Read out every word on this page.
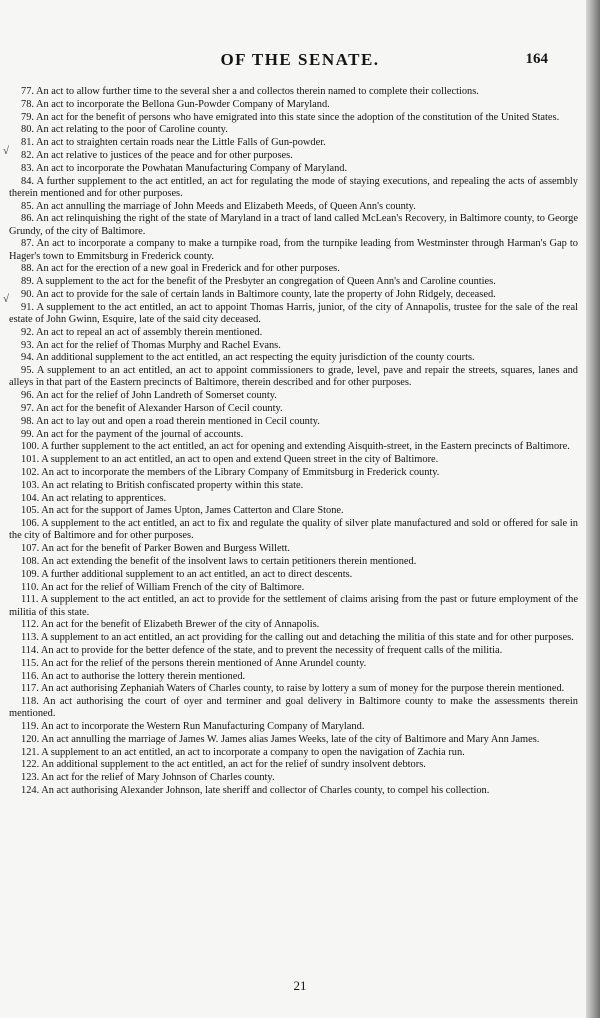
OF THE SENATE.	164
√
√

77. An act to allow further time to the several sher a and collectos therein named to complete their collections.

78. An act to incorporate the Bellona Gun-Powder Company of Maryland.

79. An act for the benefit of persons who have emigrated into this state since the adoption of the constitution of the United States.

80. An act relating to the poor of Caroline county.

81. An act to straighten certain roads near the Little Falls of Gun-powder.

82. An act relative to justices of the peace and for other purposes.

83. An act to incorporate the Powhatan Manufacturing Company of Maryland.

84. A further supplement to the act entitled, an act for regulating the mode of staying executions, and repealing the acts of assembly therein mentioned and for other purposes.

85. An act annulling the marriage of John Meeds and Elizabeth Meeds, of Queen Ann's county.

86. An act relinquishing the right of the state of Maryland in a tract of land called McLean's Recovery, in Baltimore county, to George Grundy, of the city of Baltimore.

87. An act to incorporate a company to make a turnpike road, from the turnpike leading from Westminster through Harman's Gap to Hager's town to Emmitsburg in Frederick county.

88. An act for the erection of a new goal in Frederick and for other purposes.

89. A supplement to the act for the benefit of the Presbyter an congregation of Queen Ann's and Caroline counties.

90. An act to provide for the sale of certain lands in Baltimore county, late the property of John Ridgely, deceased.

91. A supplement to the act entitled, an act to appoint Thomas Harris, junior, of the city of Annapolis, trustee for the sale of the real estate of John Gwinn, Esquire, late of the said city deceased.

92. An act to repeal an act of assembly therein mentioned.

93. An act for the relief of Thomas Murphy and Rachel Evans.

94. An additional supplement to the act entitled, an act respecting the equity jurisdiction of the county courts.

95. A supplement to an act entitled, an act to appoint commissioners to grade, level, pave and repair the streets, squares, lanes and alleys in that part of the Eastern precincts of Baltimore, therein described and for other purposes.

96. An act for the relief of John Landreth of Somerset county.

97. An act for the benefit of Alexander Harson of Cecil county.

98. An act to lay out and open a road therein mentioned in Cecil county.

99. An act for the payment of the journal of accounts.

100. A further supplement to the act entitled, an act for opening and extending Aisquith-street, in the Eastern precincts of Baltimore.

101. A supplement to an act entitled, an act to open and extend Queen street in the city of Baltimore.

102. An act to incorporate the members of the Library Company of Emmitsburg in Frederick county.

103. An act relating to British confiscated property within this state.

104. An act relating to apprentices.

105. An act for the support of James Upton, James Catterton and Clare Stone.

106. A supplement to the act entitled, an act to fix and regulate the quality of silver plate manufactured and sold or offered for sale in the city of Baltimore and for other purposes.

107. An act for the benefit of Parker Bowen and Burgess Willett.

108. An act extending the benefit of the insolvent laws to certain petitioners therein mentioned.

109. A further additional supplement to an act entitled, an act to direct descents.

110. An act for the relief of William French of the city of Baltimore.

111. A supplement to the act entitled, an act to provide for the settlement of claims arising from the past or future employment of the militia of this state.

112. An act for the benefit of Elizabeth Brewer of the city of Annapolis.

113. A supplement to an act entitled, an act providing for the calling out and detaching the militia of this state and for other purposes.

114. An act to provide for the better defence of the state, and to prevent the necessity of frequent calls of the militia.

115. An act for the relief of the persons therein mentioned of Anne Arundel county.

116. An act to authorise the lottery therein mentioned.

117. An act authorising Zephaniah Waters of Charles county, to raise by lottery a sum of money for the purpose therein mentioned.

118. An act authorising the court of oyer and terminer and goal delivery in Baltimore county to make the assessments therein mentioned.

119. An act to incorporate the Western Run Manufacturing Company of Maryland.

120. An act annulling the marriage of James W. James alias James Weeks, late of the city of Baltimore and Mary Ann James.

121. A supplement to an act entitled, an act to incorporate a company to open the navigation of Zachia run.

122. An additional supplement to the act entitled, an act for the relief of sundry insolvent debtors.

123. An act for the relief of Mary Johnson of Charles county.

124. An act authorising Alexander Johnson, late sheriff and collector of Charles county, to compel his collection.

21
